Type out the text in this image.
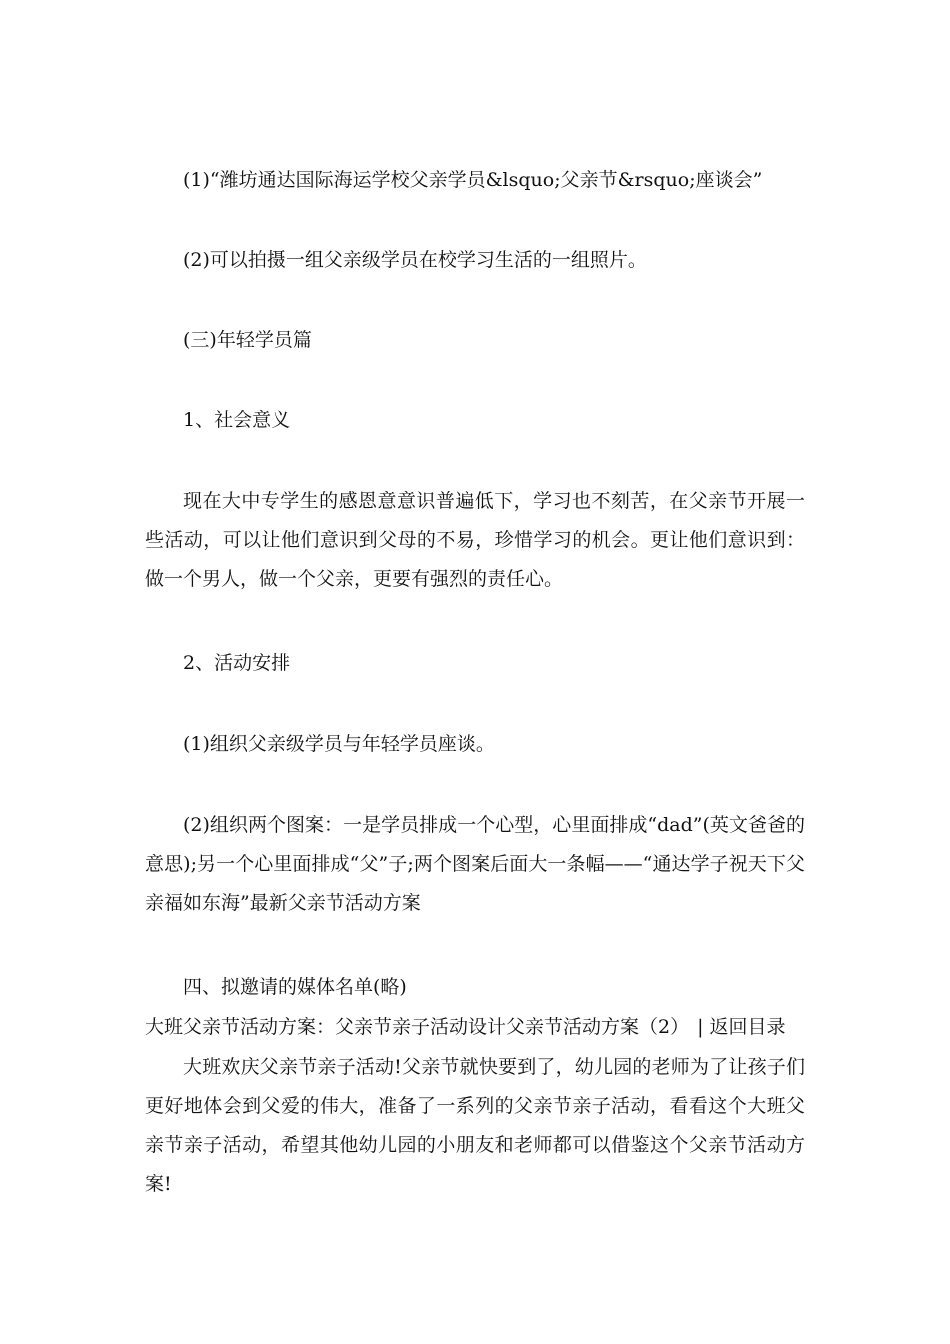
(1)“潍坊通达国际海运学校父亲学员&lsquo;父亲节&rsquo;座谈会”

(2)可以拍摄一组父亲级学员在校学习生活的一组照片。

(三)年轻学员篇

1、社会意义

现在大中专学生的感恩意意识普遍低下，学习也不刻苦，在父亲节开展一些活动，可以让他们意识到父母的不易，珍惜学习的机会。更让他们意识到：做一个男人，做一个父亲，更要有强烈的责任心。

2、活动安排

(1)组织父亲级学员与年轻学员座谈。

(2)组织两个图案：一是学员排成一个心型，心里面排成“dad”(英文爸爸的意思);另一个心里面排成“父”子;两个图案后面大一条幅——“通达学子祝天下父亲福如东海”最新父亲节活动方案

四、拟邀请的媒体名单(略)

大班父亲节活动方案：父亲节亲子活动设计父亲节活动方案（2） | 返回目录

大班欢庆父亲节亲子活动!父亲节就快要到了，幼儿园的老师为了让孩子们更好地体会到父爱的伟大，准备了一系列的父亲节亲子活动，看看这个大班父亲节亲子活动，希望其他幼儿园的小朋友和老师都可以借鉴这个父亲节活动方案!
